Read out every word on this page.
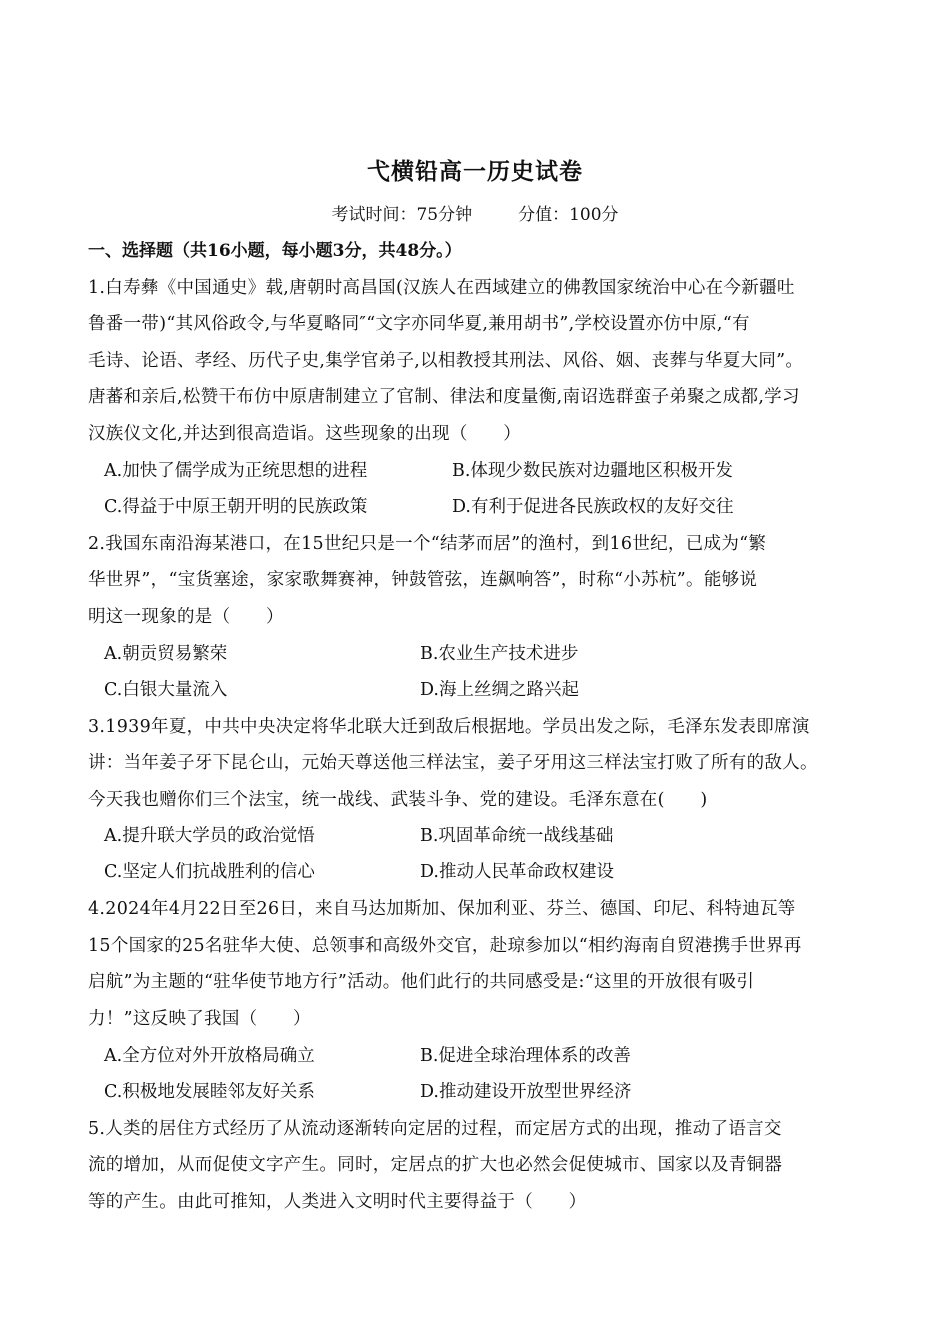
弋横铅高一历史试卷
考试时间：75分钟	分值：100分
一、选择题（共16小题，每小题3分，共48分。）
1.白寿彝《中国通史》载,唐朝时高昌国(汉族人在西域建立的佛教国家统治中心在今新疆吐
鲁番一带)“其风俗政令,与华夏略同″“文字亦同华夏,兼用胡书”,学校设置亦仿中原,“有
毛诗、论语、孝经、历代子史,集学官弟子,以相教授其刑法、风俗、姻、丧葬与华夏大同”。
唐蕃和亲后,松赞干布仿中原唐制建立了官制、律法和度量衡,南诏选群蛮子弟聚之成都,学习
汉族仪文化,并达到很高造诣。这些现象的出现（　　）
A.加快了儒学成为正统思想的进程	B.体现少数民族对边疆地区积极开发
C.得益于中原王朝开明的民族政策	D.有利于促进各民族政权的友好交往
2.我国东南沿海某港口，在15世纪只是一个“结茅而居”的渔村，到16世纪，已成为“繁
华世界”，“宝货塞途，家家歌舞赛神，钟鼓管弦，连飙响答”，时称“小苏杭”。能够说
明这一现象的是（　　）
A.朝贡贸易繁荣	B.农业生产技术进步
C.白银大量流入	D.海上丝绸之路兴起
3.1939年夏，中共中央决定将华北联大迁到敌后根据地。学员出发之际，毛泽东发表即席演
讲：当年姜子牙下昆仑山，元始天尊送他三样法宝，姜子牙用这三样法宝打败了所有的敌人。
今天我也赠你们三个法宝，统一战线、武装斗争、党的建设。毛泽东意在(　　)
A.提升联大学员的政治觉悟	B.巩固革命统一战线基础
C.坚定人们抗战胜利的信心	D.推动人民革命政权建设
4.2024年4月22日至26日，来自马达加斯加、保加利亚、芬兰、德国、印尼、科特迪瓦等
15个国家的25名驻华大使、总领事和高级外交官，赴琼参加以“相约海南自贸港携手世界再
启航”为主题的“驻华使节地方行”活动。他们此行的共同感受是:“这里的开放很有吸引
力！”这反映了我国（　　）
A.全方位对外开放格局确立	B.促进全球治理体系的改善
C.积极地发展睦邻友好关系	D.推动建设开放型世界经济
5.人类的居住方式经历了从流动逐渐转向定居的过程，而定居方式的出现，推动了语言交
流的增加，从而促使文字产生。同时，定居点的扩大也必然会促使城市、国家以及青铜器
等的产生。由此可推知，人类进入文明时代主要得益于（　　）
